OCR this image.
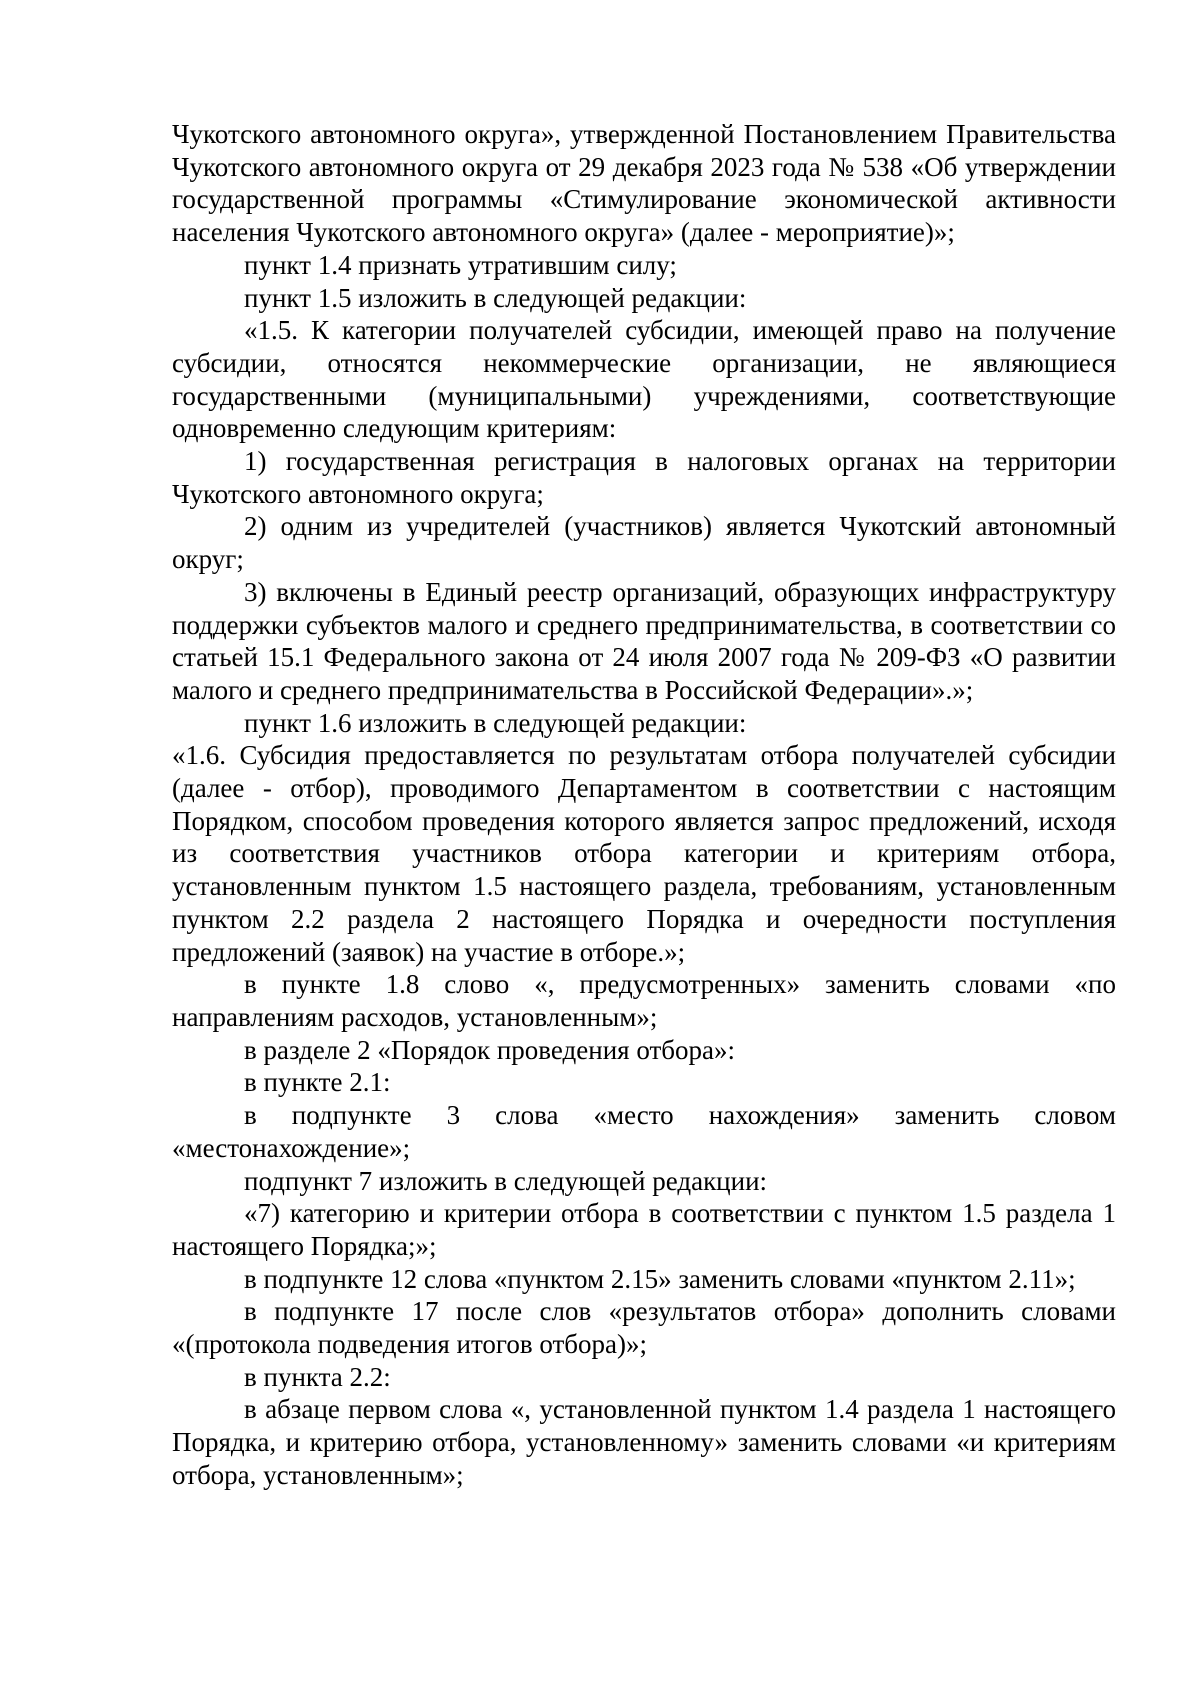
Чукотского автономного округа», утвержденной Постановлением Правительства Чукотского автономного округа от 29 декабря 2023 года № 538 «Об утверждении государственной программы «Стимулирование экономической активности населения Чукотского автономного округа» (далее - мероприятие)»;

пункт 1.4 признать утратившим силу;

пункт 1.5 изложить в следующей редакции:

«1.5. К категории получателей субсидии, имеющей право на получение субсидии, относятся некоммерческие организации, не являющиеся государственными (муниципальными) учреждениями, соответствующие одновременно следующим критериям:

1) государственная регистрация в налоговых органах на территории Чукотского автономного округа;

2) одним из учредителей (участников) является Чукотский автономный округ;

3) включены в Единый реестр организаций, образующих инфраструктуру поддержки субъектов малого и среднего предпринимательства, в соответствии со статьей 15.1 Федерального закона от 24 июля 2007 года № 209-ФЗ «О развитии малого и среднего предпринимательства в Российской Федерации».»;

пункт 1.6 изложить в следующей редакции:

«1.6. Субсидия предоставляется по результатам отбора получателей субсидии (далее - отбор), проводимого Департаментом в соответствии с настоящим Порядком, способом проведения которого является запрос предложений, исходя из соответствия участников отбора категории и критериям отбора, установленным пунктом 1.5 настоящего раздела, требованиям, установленным пунктом 2.2 раздела 2 настоящего Порядка и очередности поступления предложений (заявок) на участие в отборе.»;

в пункте 1.8 слово «, предусмотренных» заменить словами «по направлениям расходов, установленным»;

в разделе 2 «Порядок проведения отбора»:

в пункте 2.1:

в подпункте 3 слова «место нахождения» заменить словом «местонахождение»;

подпункт 7 изложить в следующей редакции:

«7) категорию и критерии отбора в соответствии с пунктом 1.5 раздела 1 настоящего Порядка;»;

в подпункте 12 слова «пунктом 2.15» заменить словами «пунктом 2.11»;

в подпункте 17 после слов «результатов отбора» дополнить словами «(протокола подведения итогов отбора)»;

в пункта 2.2:

в абзаце первом слова «, установленной пунктом 1.4 раздела 1 настоящего Порядка, и критерию отбора, установленному» заменить словами «и критериям отбора, установленным»;
